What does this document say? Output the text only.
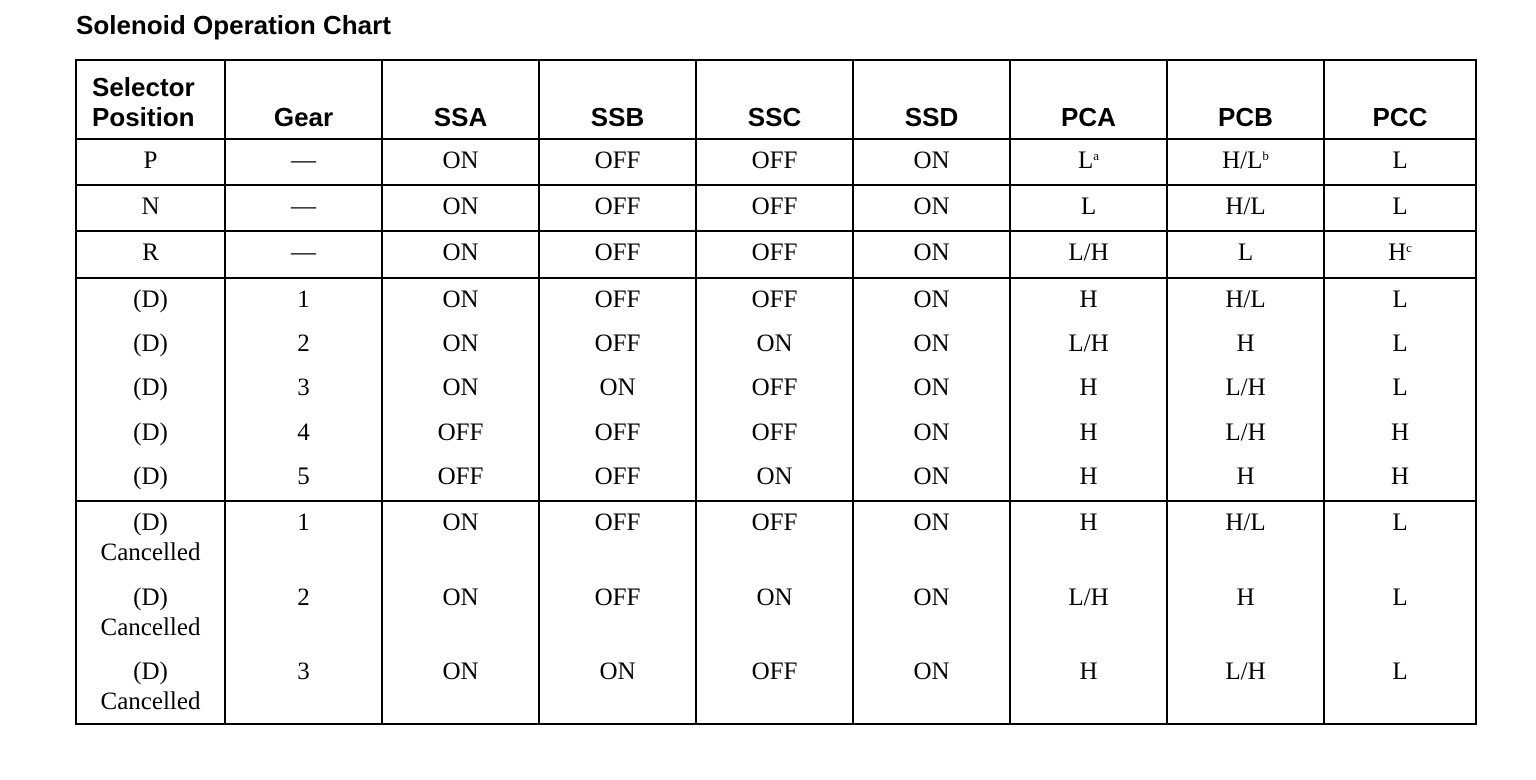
Solenoid Operation Chart
Selector
Position	Gear	SSA	SSB	SSC	SSD	PCA	PCB	PCC
P	—	ON	OFF	OFF	ON	$L^a$	$H/L^b$	L
N	—	ON	OFF	OFF	ON	L	H/L	L
R	—	ON	OFF	OFF	ON	L/H	L	$H^c$
(D)	1	ON	OFF	OFF	ON	H	H/L	L
(D)	2	ON	OFF	ON	ON	L/H	H	L
(D)	3	ON	ON	OFF	ON	H	L/H	L
(D)	4	OFF	OFF	OFF	ON	H	L/H	H
(D)	5	OFF	OFF	ON	ON	H	H	H
(D)
Cancelled	1	ON	OFF	OFF	ON	H	H/L	L
(D)
Cancelled	2	ON	OFF	ON	ON	L/H	H	L
(D)
Cancelled	3	ON	ON	OFF	ON	H	L/H	L
